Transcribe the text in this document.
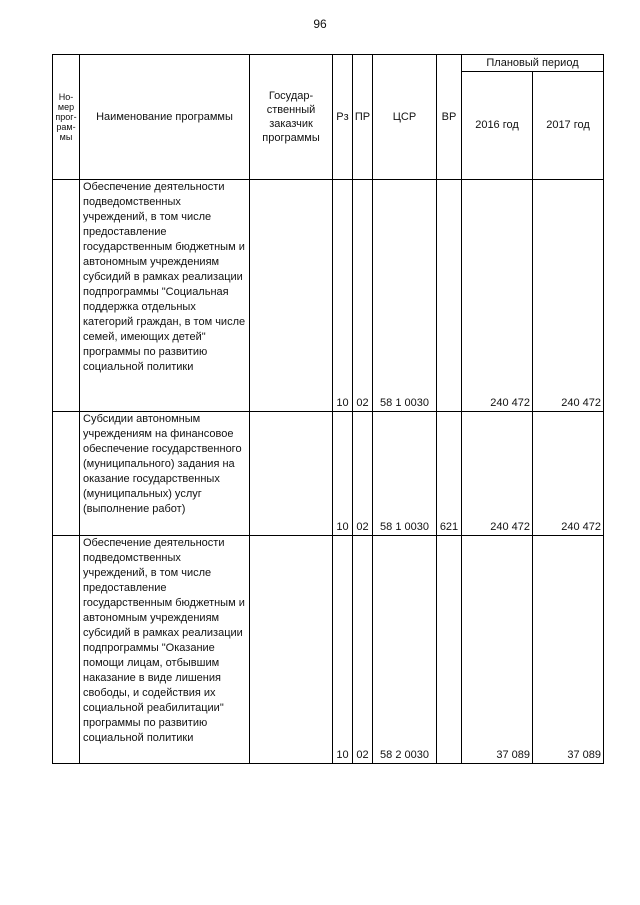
96
Но-
мер
прог-
рам-
мы	Наименование программы	Государ-
ственный
заказчик
программы	Рз	ПР	ЦСР	ВР	Плановый период	
							2016 год	2017 год
	Обеспечение деятельности подведомственных учреждений, в том числе предоставление государственным бюджетным и автономным учреждениям субсидий в рамках реализации подпрограммы "Социальная поддержка отдельных категорий граждан, в том числе семей, имеющих детей" программы по развитию социальной политики		10	02	58 1 0030		240 472	240 472
	Субсидии автономным учреждениям на финансовое обеспечение государственного (муниципального) задания на оказание государственных (муниципальных) услуг (выполнение работ)		10	02	58 1 0030	621	240 472	240 472
	Обеспечение деятельности подведомственных учреждений, в том числе предоставление государственным бюджетным и автономным учреждениям субсидий в рамках реализации подпрограммы "Оказание помощи лицам, отбывшим наказание в виде лишения свободы, и содействия их социальной реабилитации" программы по развитию социальной политики		10	02	58 2 0030		37 089	37 089
